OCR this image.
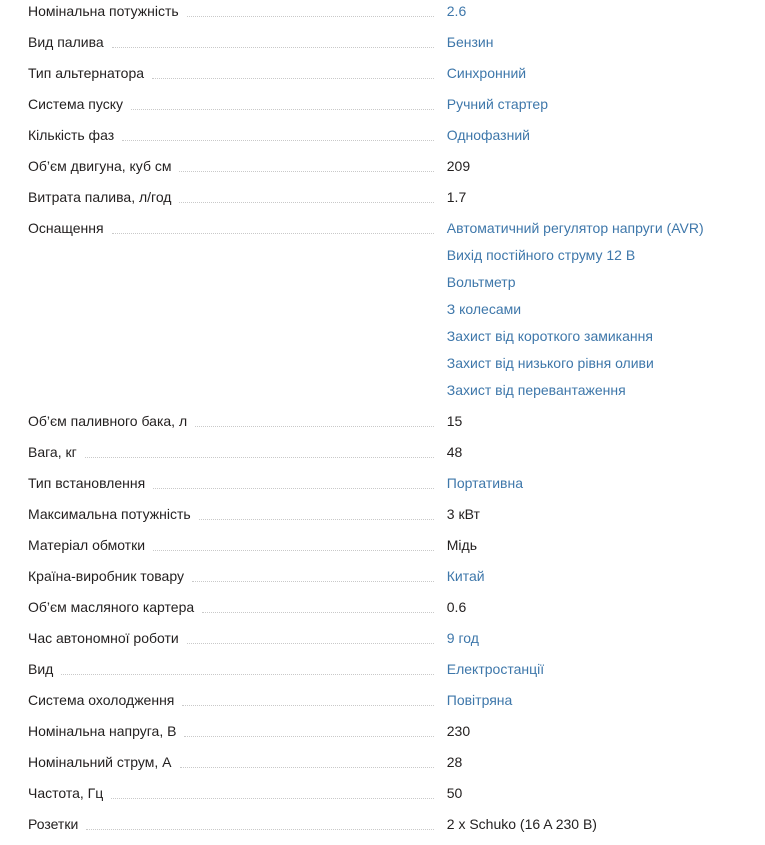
Номінальна потужність	2.6
Вид палива	Бензин
Тип альтернатора	Синхронний
Система пуску	Ручний стартер
Кількість фаз	Однофазний
Об’єм двигуна, куб см	209
Витрата палива, л/год	1.7
Оснащення	Автоматичний регулятор напруги (AVR)
Вихід постійного струму 12 В
Вольтметр
З колесами
Захист від короткого замикання
Захист від низького рівня оливи
Захист від перевантаження
Об’єм паливного бака, л	15
Вага, кг	48
Тип встановлення	Портативна
Максимальна потужність	3 кВт
Матеріал обмотки	Мідь
Країна-виробник товару	Китай
Об’єм масляного картера	0.6
Час автономної роботи	9 год
Вид	Електростанції
Система охолодження	Повітряна
Номінальна напруга, В	230
Номінальний струм, А	28
Частота, Гц	50
Розетки	2 x Schuko (16 A 230 В)
